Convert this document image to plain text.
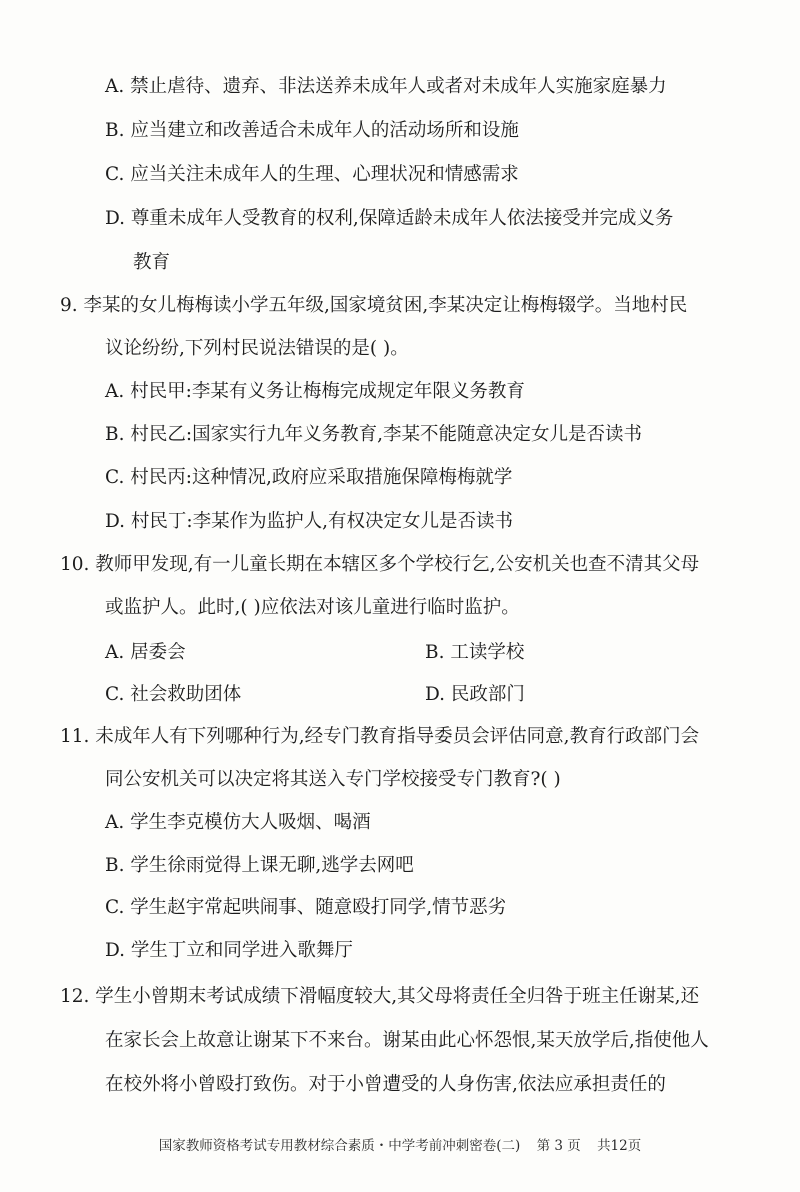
A. 禁止虐待、遗弃、非法送养未成年人或者对未成年人实施家庭暴力
B. 应当建立和改善适合未成年人的活动场所和设施
C. 应当关注未成年人的生理、心理状况和情感需求
D. 尊重未成年人受教育的权利,保障适龄未成年人依法接受并完成义务
教育
9. 李某的女儿梅梅读小学五年级,国家境贫困,李某决定让梅梅辍学。当地村民
议论纷纷,下列村民说法错误的是( )。
A. 村民甲:李某有义务让梅梅完成规定年限义务教育
B. 村民乙:国家实行九年义务教育,李某不能随意决定女儿是否读书
C. 村民丙:这种情况,政府应采取措施保障梅梅就学
D. 村民丁:李某作为监护人,有权决定女儿是否读书
10. 教师甲发现,有一儿童长期在本辖区多个学校行乞,公安机关也查不清其父母
或监护人。此时,( )应依法对该儿童进行临时监护。
A. 居委会	B. 工读学校
C. 社会救助团体	D. 民政部门
11. 未成年人有下列哪种行为,经专门教育指导委员会评估同意,教育行政部门会
同公安机关可以决定将其送入专门学校接受专门教育?( )
A. 学生李克模仿大人吸烟、喝酒
B. 学生徐雨觉得上课无聊,逃学去网吧
C. 学生赵宇常起哄闹事、随意殴打同学,情节恶劣
D. 学生丁立和同学进入歌舞厅
12. 学生小曾期末考试成绩下滑幅度较大,其父母将责任全归咎于班主任谢某,还
在家长会上故意让谢某下不来台。谢某由此心怀怨恨,某天放学后,指使他人
在校外将小曾殴打致伤。对于小曾遭受的人身伤害,依法应承担责任的
国家教师资格考试专用教材综合素质・中学考前冲刺密卷(二) 第 3 页 共12页
